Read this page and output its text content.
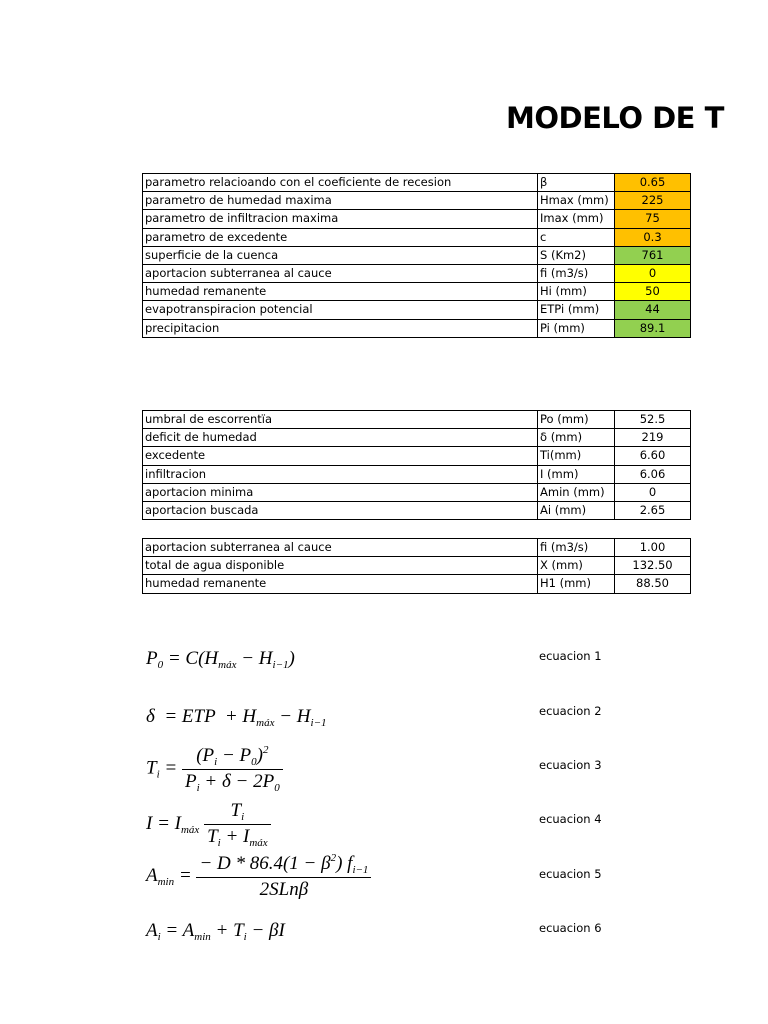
MODELO DE T
parametro relacioando con el coeficiente de recesion	β	0.65
parametro de humedad maxima	Hmax (mm)	225
parametro de infiltracion maxima	Imax (mm)	75
parametro de excedente	c	0.3
superficie de la cuenca	S (Km2)	761
aportacion subterranea al cauce	fi (m3/s)	0
humedad remanente	Hi (mm)	50
evapotranspiracion potencial	ETPi (mm)	44
precipitacion	Pi (mm)	89.1
umbral de escorrentı̈a	Po (mm)	52.5
deficit de humedad	δ (mm)	219
excedente	Ti(mm)	6.60
infiltracion	I (mm)	6.06
aportacion minima	Amin (mm)	0
aportacion buscada	Ai (mm)	2.65
aportacion subterranea al cauce	fi (m3/s)	1.00
total de agua disponible	X (mm)	132.50
humedad remanente	H1 (mm)	88.50
$P_0 = C(H_{máx} - H_{i-1})$
δ  = ETP  + $H_{máx} - H_{i-1}$
$T_i = \frac{(P_i - P_0)^2}{P_i + \delta - 2P_0}$
$I = I_{máx} \frac{T_i}{T_i + I_{máx}}$
$A_{min} = \frac{- D * 86.4(1 - \beta^2) f_{i-1}}{\text{2SLnβ}}$
$A_i = A_{min} + T_i - \beta I$
ecuacion 1
ecuacion 2
ecuacion 3
ecuacion 4
ecuacion 5
ecuacion 6
